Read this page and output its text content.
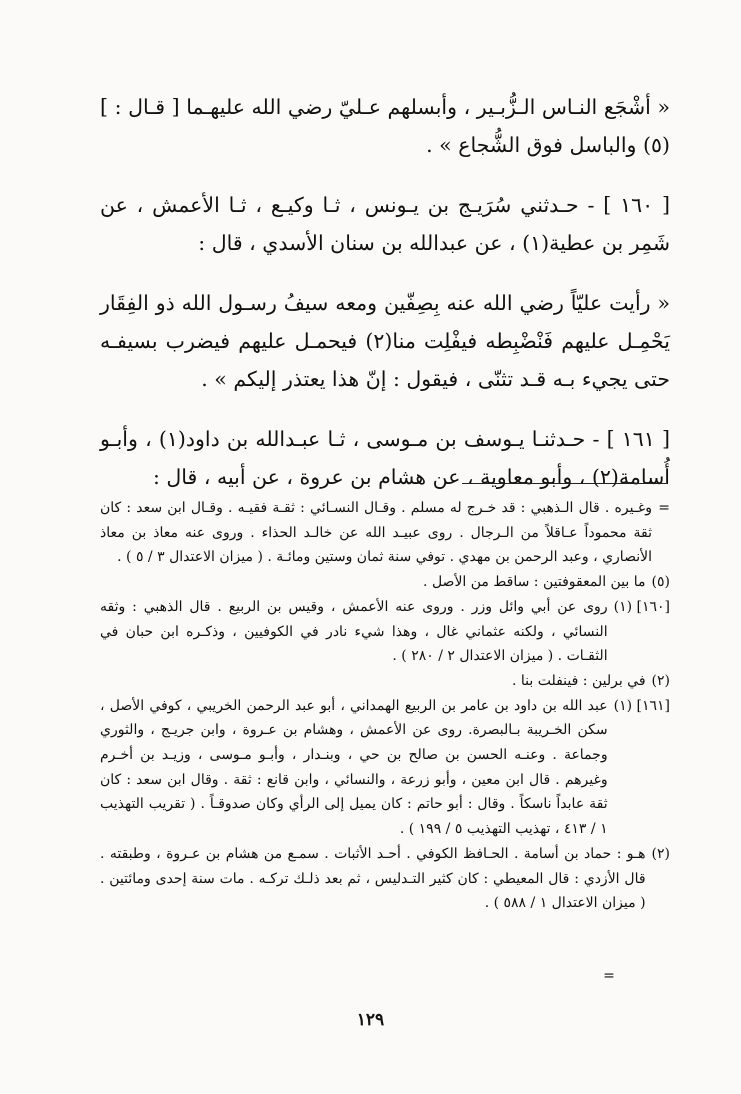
« أشْجَع النـاس الـزُّبـير ، وأبسلهم عـليّ رضي الله عليهـما [ قـال : ](٥) والباسل فوق الشُّجاع » .

[ ١٦٠ ] - حـدثني سُرَيـج بن يـونس ، ثـا وكيـع ، ثـا الأعمش ، عن شَمِر بن عطية(١) ، عن عبدالله بن سنان الأسدي ، قال :

« رأيت عليّاً رضي الله عنه بِصِفّين ومعه سيفُ رسـول الله ذو الفِقَار يَحْمِـل عليهم فَنْضْبِطه فيفْلِت منا(٢) فيحمـل عليهم فيضرب بسيفـه حتى يجيء بـه قـد تثنّى ، فيقول : إنّ هذا يعتذر إليكم » .

[ ١٦١ ] - حـدثنـا يـوسف بن مـوسى ، ثـا عبـدالله بن داود(١) ، وأبـو أُسامة(٢) ، وأبو معاوية ، عن هشام بن عروة ، عن أبيه ، قال :

=
وغـيره . قال الـذهبي : قد خـرج له مسلم . وقـال النسـائي : ثقـة فقيـه . وقـال ابن سعد : كان ثقة محموداً عـاقلاً من الـرجال . روى عبيـد الله عن خالـد الحذاء . وروى عنه معاذ بن معاذ الأنصاري ، وعبد الرحمن بن مهدي . توفي سنة ثمان وستين ومائـة . ( ميزان الاعتدال ٣ / ٥ ) .
(٥)
ما بين المعقوفتين : ساقط من الأصل .
[١٦٠] (١)
روى عن أبي وائل وزر . وروى عنه الأعمش ، وقيس بن الربيع . قال الذهبي : وثقه النسائي ، ولكنه عثماني غال ، وهذا شيء نادر في الكوفيين ، وذكـره ابن حبان في الثقـات . ( ميزان الاعتدال ٢ / ٢٨٠ ) .
(٢)
في برلين : فينفلت بنا .
[١٦١] (١)
عبد الله بن داود بن عامر بن الربيع الهمداني ، أبو عبد الرحمن الخريبي ، كوفي الأصل ، سكن الخـريبة بـالبصرة. روى عن الأعمش ، وهشام بن عـروة ، وابن جريـج ، والثوري وجماعة . وعنـه الحسن بن صالح بن حي ، وبنـدار ، وأبـو مـوسى ، وزيـد بن أخـرم وغيرهم . قال ابن معين ، وأبو زرعة ، والنسائي ، وابن قانع : ثقة . وقال ابن سعد : كان ثقة عابداً ناسكاً . وقال : أبو حاتم : كان يميل إلى الرأي وكان صدوقـاً . ( تقريب التهذيب ١ / ٤١٣ ، تهذيب التهذيب ٥ / ١٩٩ ) .
(٢)
هـو : حماد بن أسامة . الحـافظ الكوفي . أحـد الأثبات . سمـع من هشام بن عـروة ، وطبقته . قال الأزدي : قال المعيطي : كان كثير التـدليس ، ثم بعد ذلـك تركـه . مات سنة إحدى ومائتين . ( ميزان الاعتدال ١ / ٥٨٨ ) .
=
١٢٩
